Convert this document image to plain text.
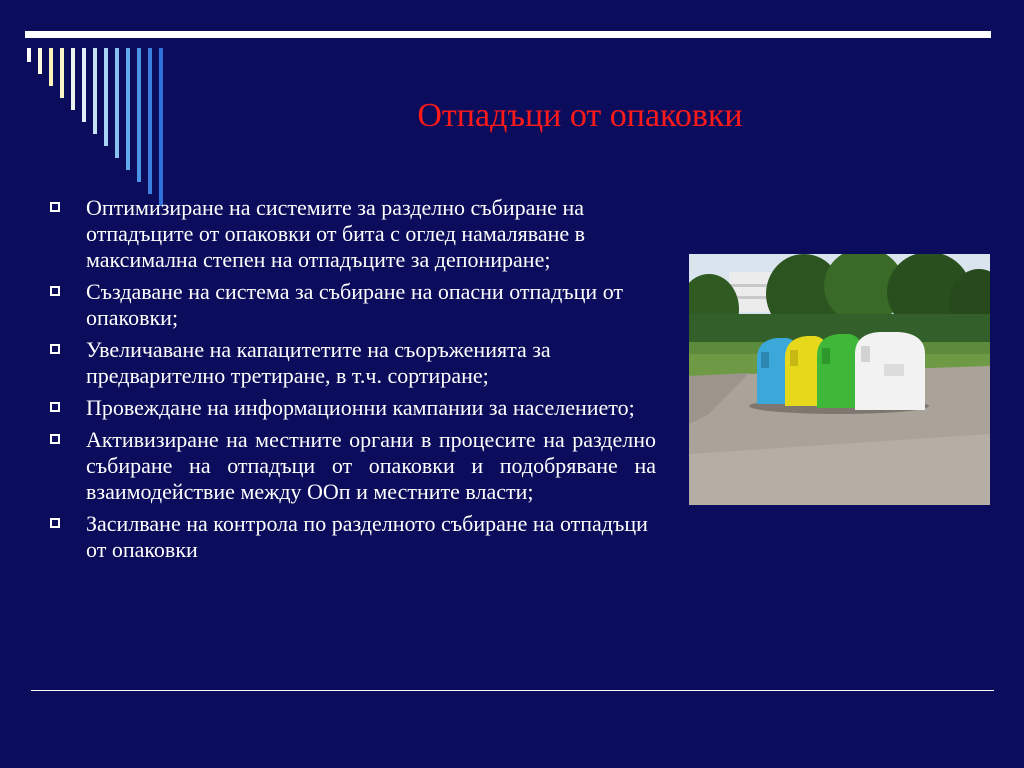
Отпадъци от опаковки
Оптимизиране на системите за разделно събиране на отпадъците от опаковки от бита с оглед намаляване в максимална степен на отпадъците за депониране;
Създаване на система за събиране на опасни отпадъци от опаковки;
Увеличаване на капацитетите на съоръженията за предварително третиране, в т.ч. сортиране;
Провеждане на информационни кампании за населението;
Активизиране на местните органи в процесите на разделно събиране на отпадъци от опаковки и подобряване на взаимодействие между ООп и местните власти;
Засилване на контрола по разделното събиране на отпадъци от опаковки
